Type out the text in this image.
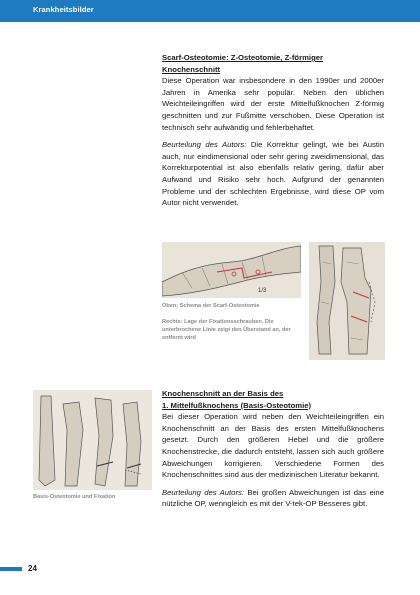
Krankheitsbilder
Scarf-Osteotomie: Z-Osteotomie, Z-förmiger
Knochenschnitt

Diese Operation war insbesondere in den 1990er und 2000er Jahren in Amerika sehr populär. Neben den üblichen Weichteileingriffen wird der erste Mittelfußknochen Z-förmig geschnitten und zur Fußmitte verschoben. Diese Operation ist technisch sehr aufwändig und fehlerbehaftet.

Beurteilung des Autors: Die Korrektur gelingt, wie bei Austin auch, nur eindimensional oder sehr gering zweidimensional, das Korrekturpotential ist also ebenfalls relativ gering, dafür aber Aufwand und Risiko sehr hoch. Aufgrund der genannten Probleme und der schlechten Ergebnisse, wird diese OP vom Autor nicht verwendet.

1/3
Oben: Schema der Scarf-Osteotomie
Rechts: Lage der Fixationsschrauben. Die unterbrochene Linie zeigt den Überstand an, der entfernt wird
Basis-Osteotomie und Fixation
Knochenschnitt an der Basis des
1. Mittelfußknochens (Basis-Osteotomie)

Bei dieser Operation wird neben den Weichteileingriffen ein Knochenschnitt an der Basis des ersten Mittelfußknochens gesetzt. Durch den größeren Hebel und die größere Knochenstrecke, die dadurch entsteht, lassen sich auch größere Abweichungen korrigieren. Verschiedene Formen des Knochenschnittes sind aus der medizinischen Literatur bekannt.

Beurteilung des Autors: Bei großen Abweichungen ist das eine nützliche OP, wenngleich es mit der V-tek-OP Besseres gibt.

24
